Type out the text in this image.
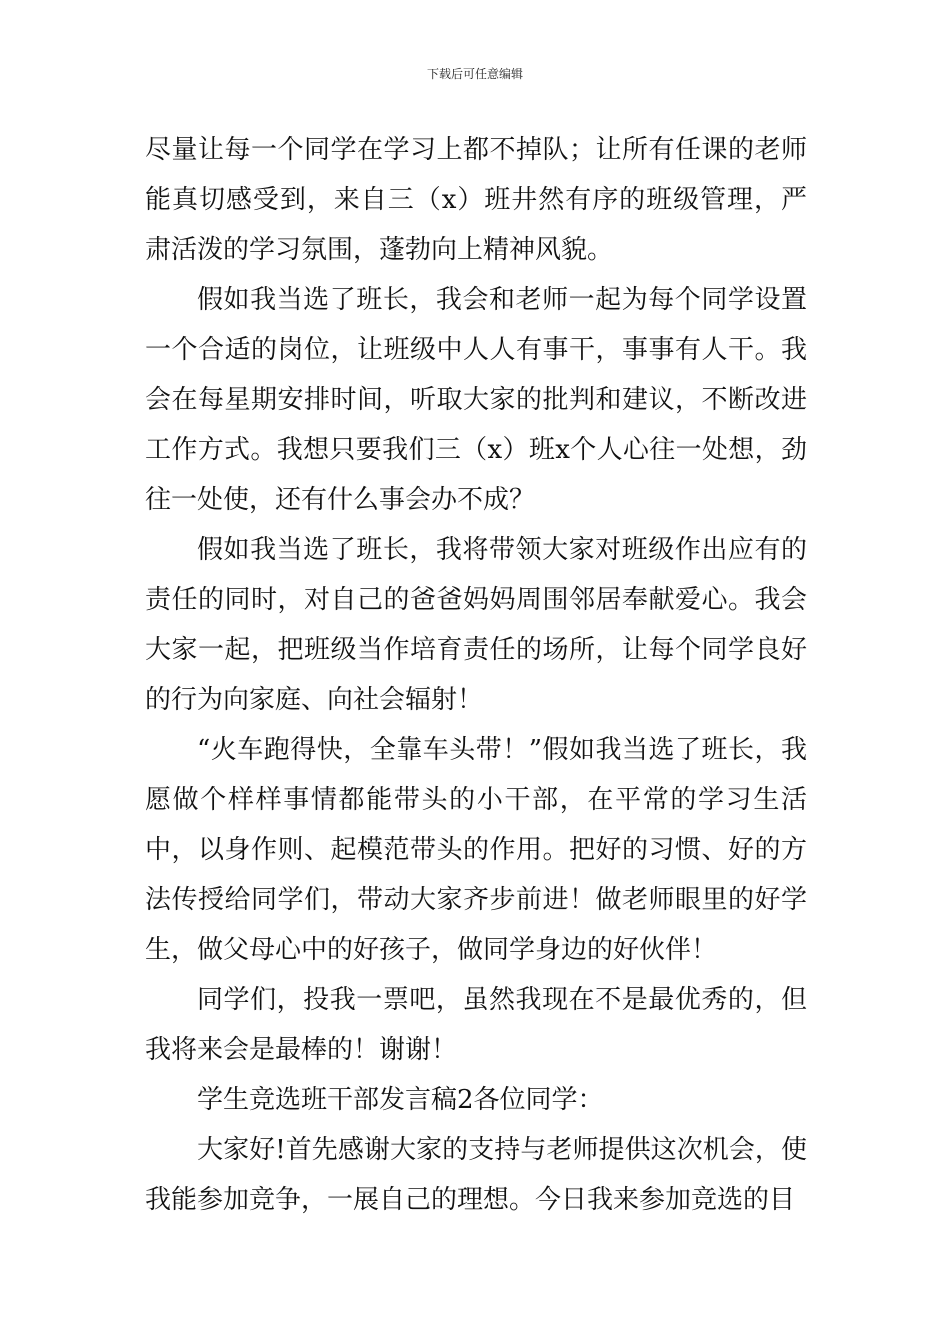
下载后可任意编辑

尽量让每一个同学在学习上都不掉队；让所有任课的老师能真切感受到，来自三（x）班井然有序的班级管理，严肃活泼的学习氛围，蓬勃向上精神风貌。

假如我当选了班长，我会和老师一起为每个同学设置一个合适的岗位，让班级中人人有事干，事事有人干。我会在每星期安排时间，听取大家的批判和建议，不断改进工作方式。我想只要我们三（x）班x个人心往一处想，劲往一处使，还有什么事会办不成？

假如我当选了班长，我将带领大家对班级作出应有的责任的同时，对自己的爸爸妈妈周围邻居奉献爱心。我会大家一起，把班级当作培育责任的场所，让每个同学良好的行为向家庭、向社会辐射！

“火车跑得快，全靠车头带！”假如我当选了班长，我愿做个样样事情都能带头的小干部，在平常的学习生活中，以身作则、起模范带头的作用。把好的习惯、好的方法传授给同学们，带动大家齐步前进！做老师眼里的好学生，做父母心中的好孩子，做同学身边的好伙伴！

同学们，投我一票吧，虽然我现在不是最优秀的，但我将来会是最棒的！谢谢！

学生竞选班干部发言稿2各位同学：

大家好!首先感谢大家的支持与老师提供这次机会，使我能参加竞争，一展自己的理想。今日我来参加竞选的目
